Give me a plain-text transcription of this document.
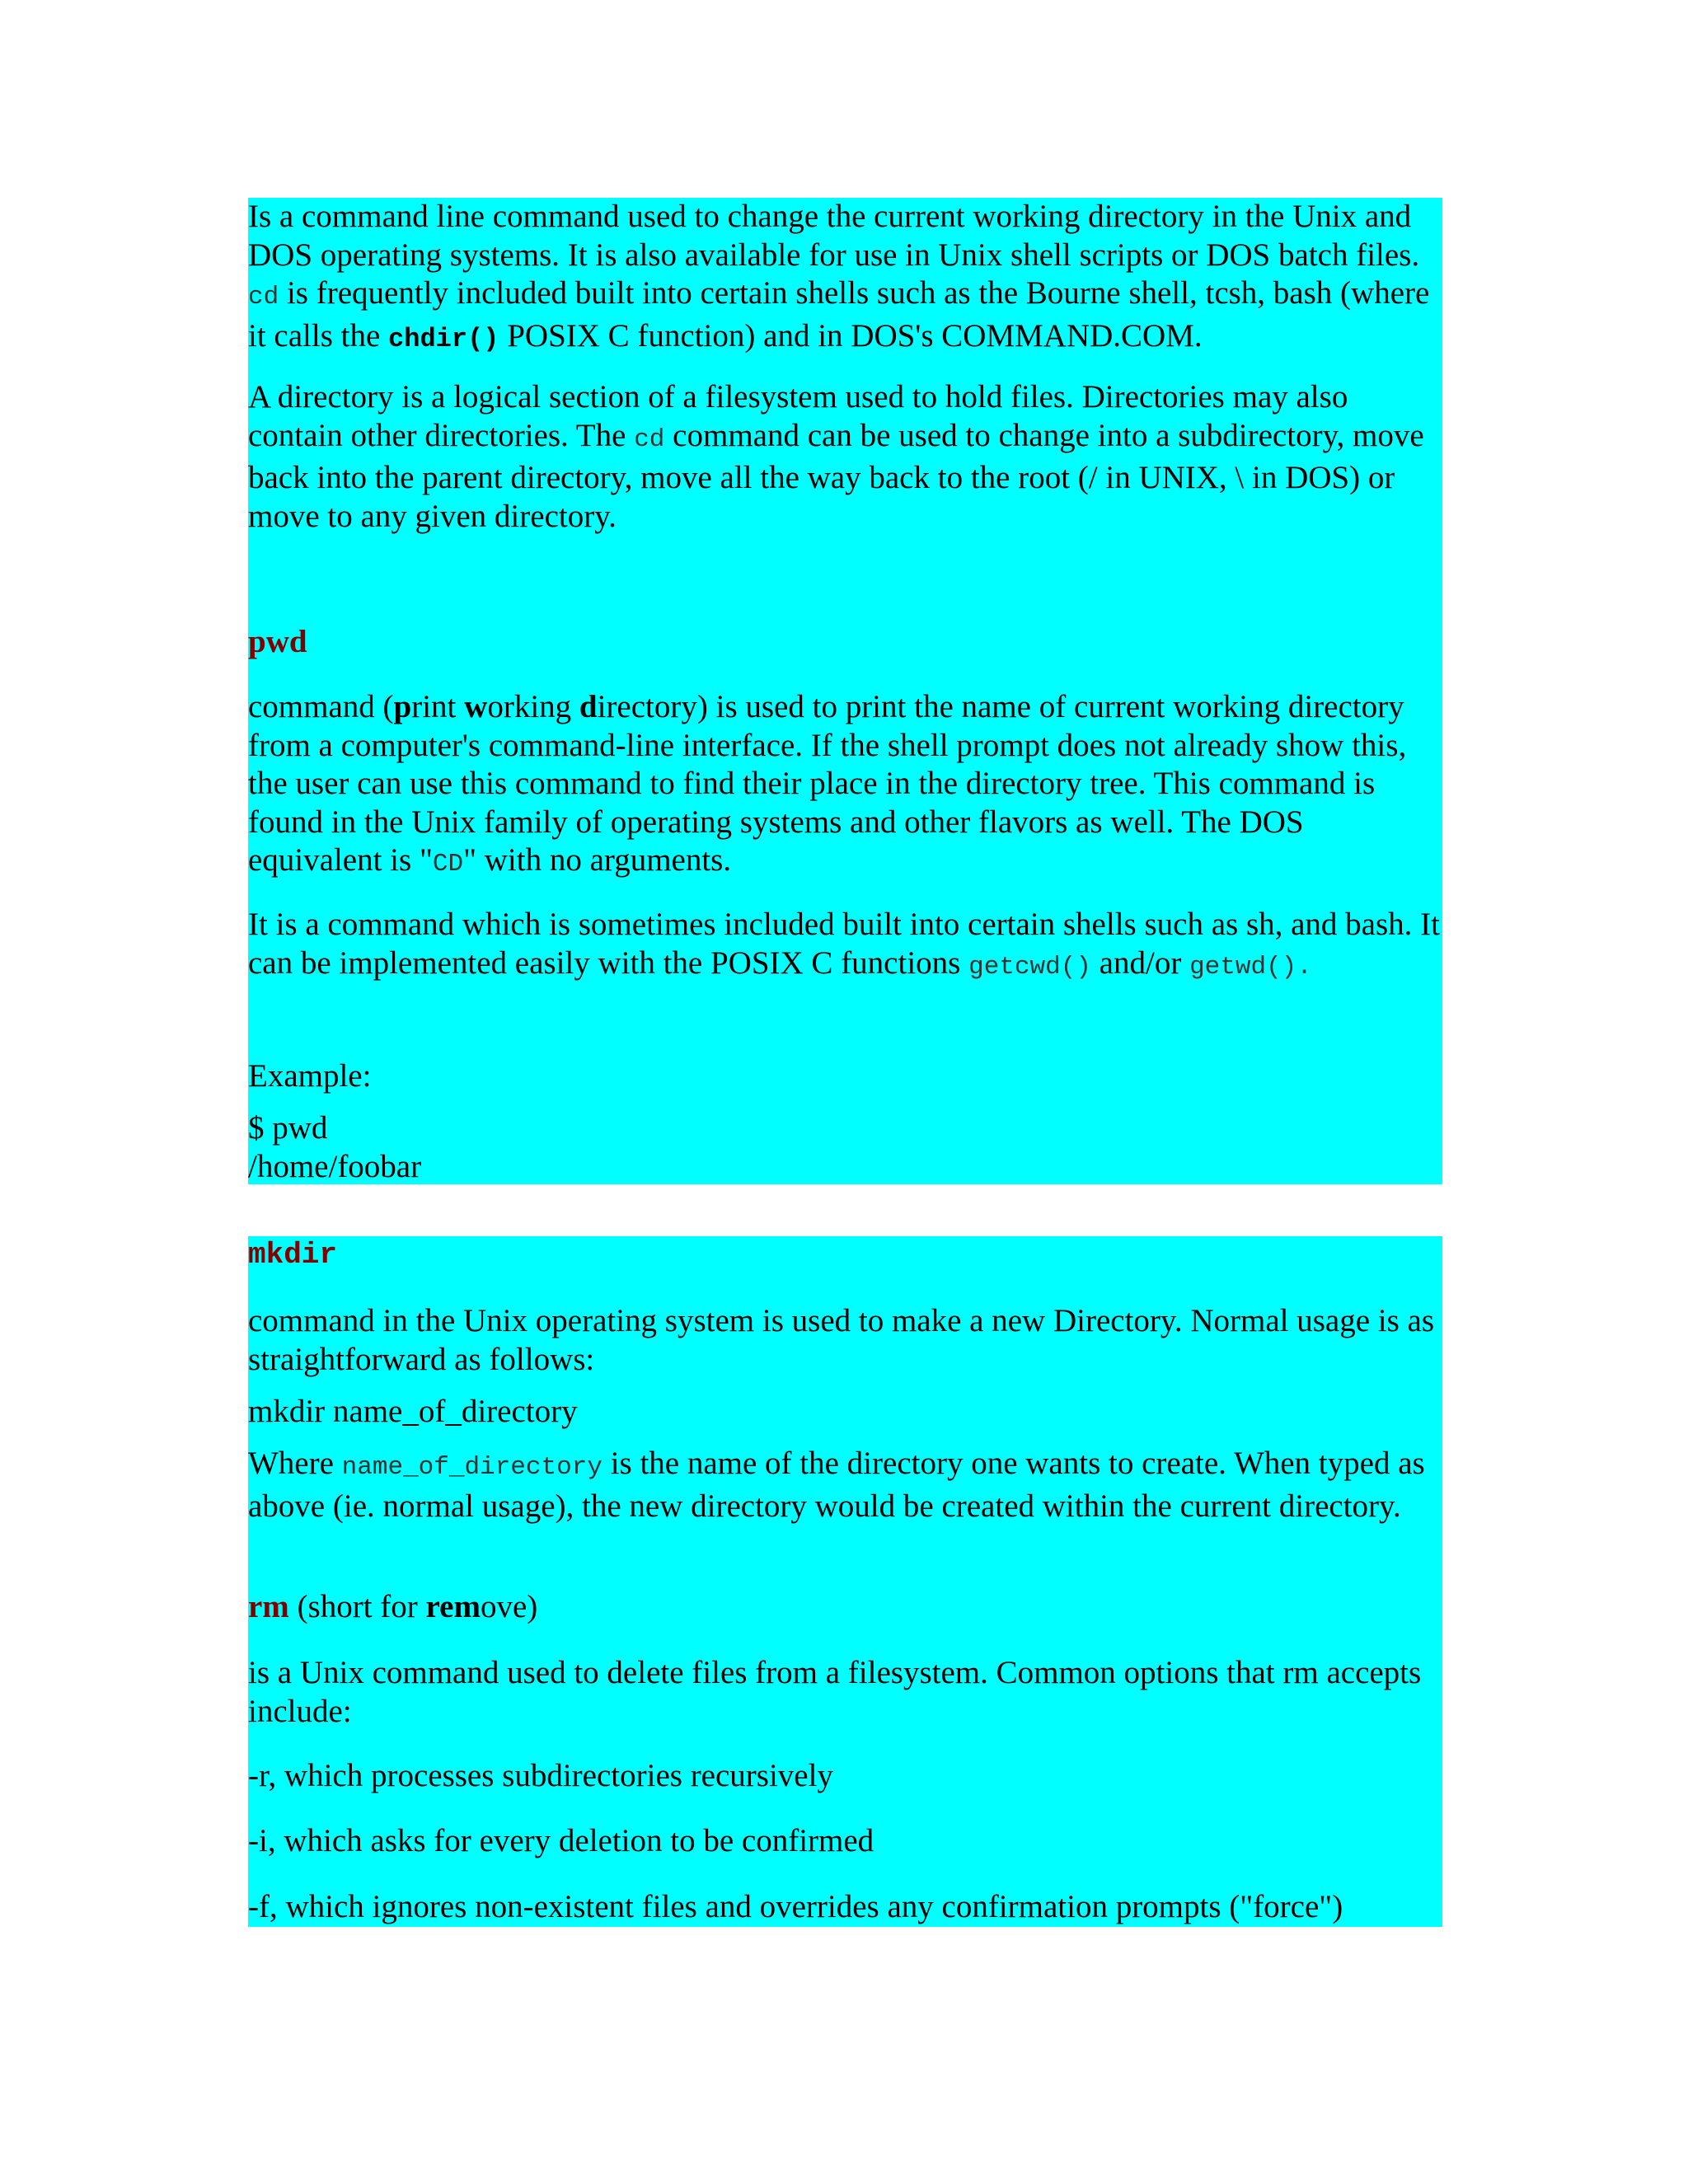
Is a command line command used to change the current working directory in the Unix and DOS operating systems. It is also available for use in Unix shell scripts or DOS batch files. cd is frequently included built into certain shells such as the Bourne shell, tcsh, bash (where it calls the chdir() POSIX C function) and in DOS's COMMAND.COM.

A directory is a logical section of a filesystem used to hold files. Directories may also contain other directories. The cd command can be used to change into a subdirectory, move back into the parent directory, move all the way back to the root (/ in UNIX, \ in DOS) or move to any given directory.

pwd

command (print working directory) is used to print the name of current working directory from a computer's command-line interface. If the shell prompt does not already show this, the user can use this command to find their place in the directory tree. This command is found in the Unix family of operating systems and other flavors as well. The DOS equivalent is "CD" with no arguments.

It is a command which is sometimes included built into certain shells such as sh, and bash. It can be implemented easily with the POSIX C functions getcwd() and/or getwd().

Example:

$ pwd
/home/foobar

mkdir

command in the Unix operating system is used to make a new Directory. Normal usage is as straightforward as follows:

mkdir name_of_directory

Where name_of_directory is the name of the directory one wants to create. When typed as above (ie. normal usage), the new directory would be created within the current directory.

rm (short for remove)

is a Unix command used to delete files from a filesystem. Common options that rm accepts include:

-r, which processes subdirectories recursively

-i, which asks for every deletion to be confirmed

-f, which ignores non-existent files and overrides any confirmation prompts ("force")
